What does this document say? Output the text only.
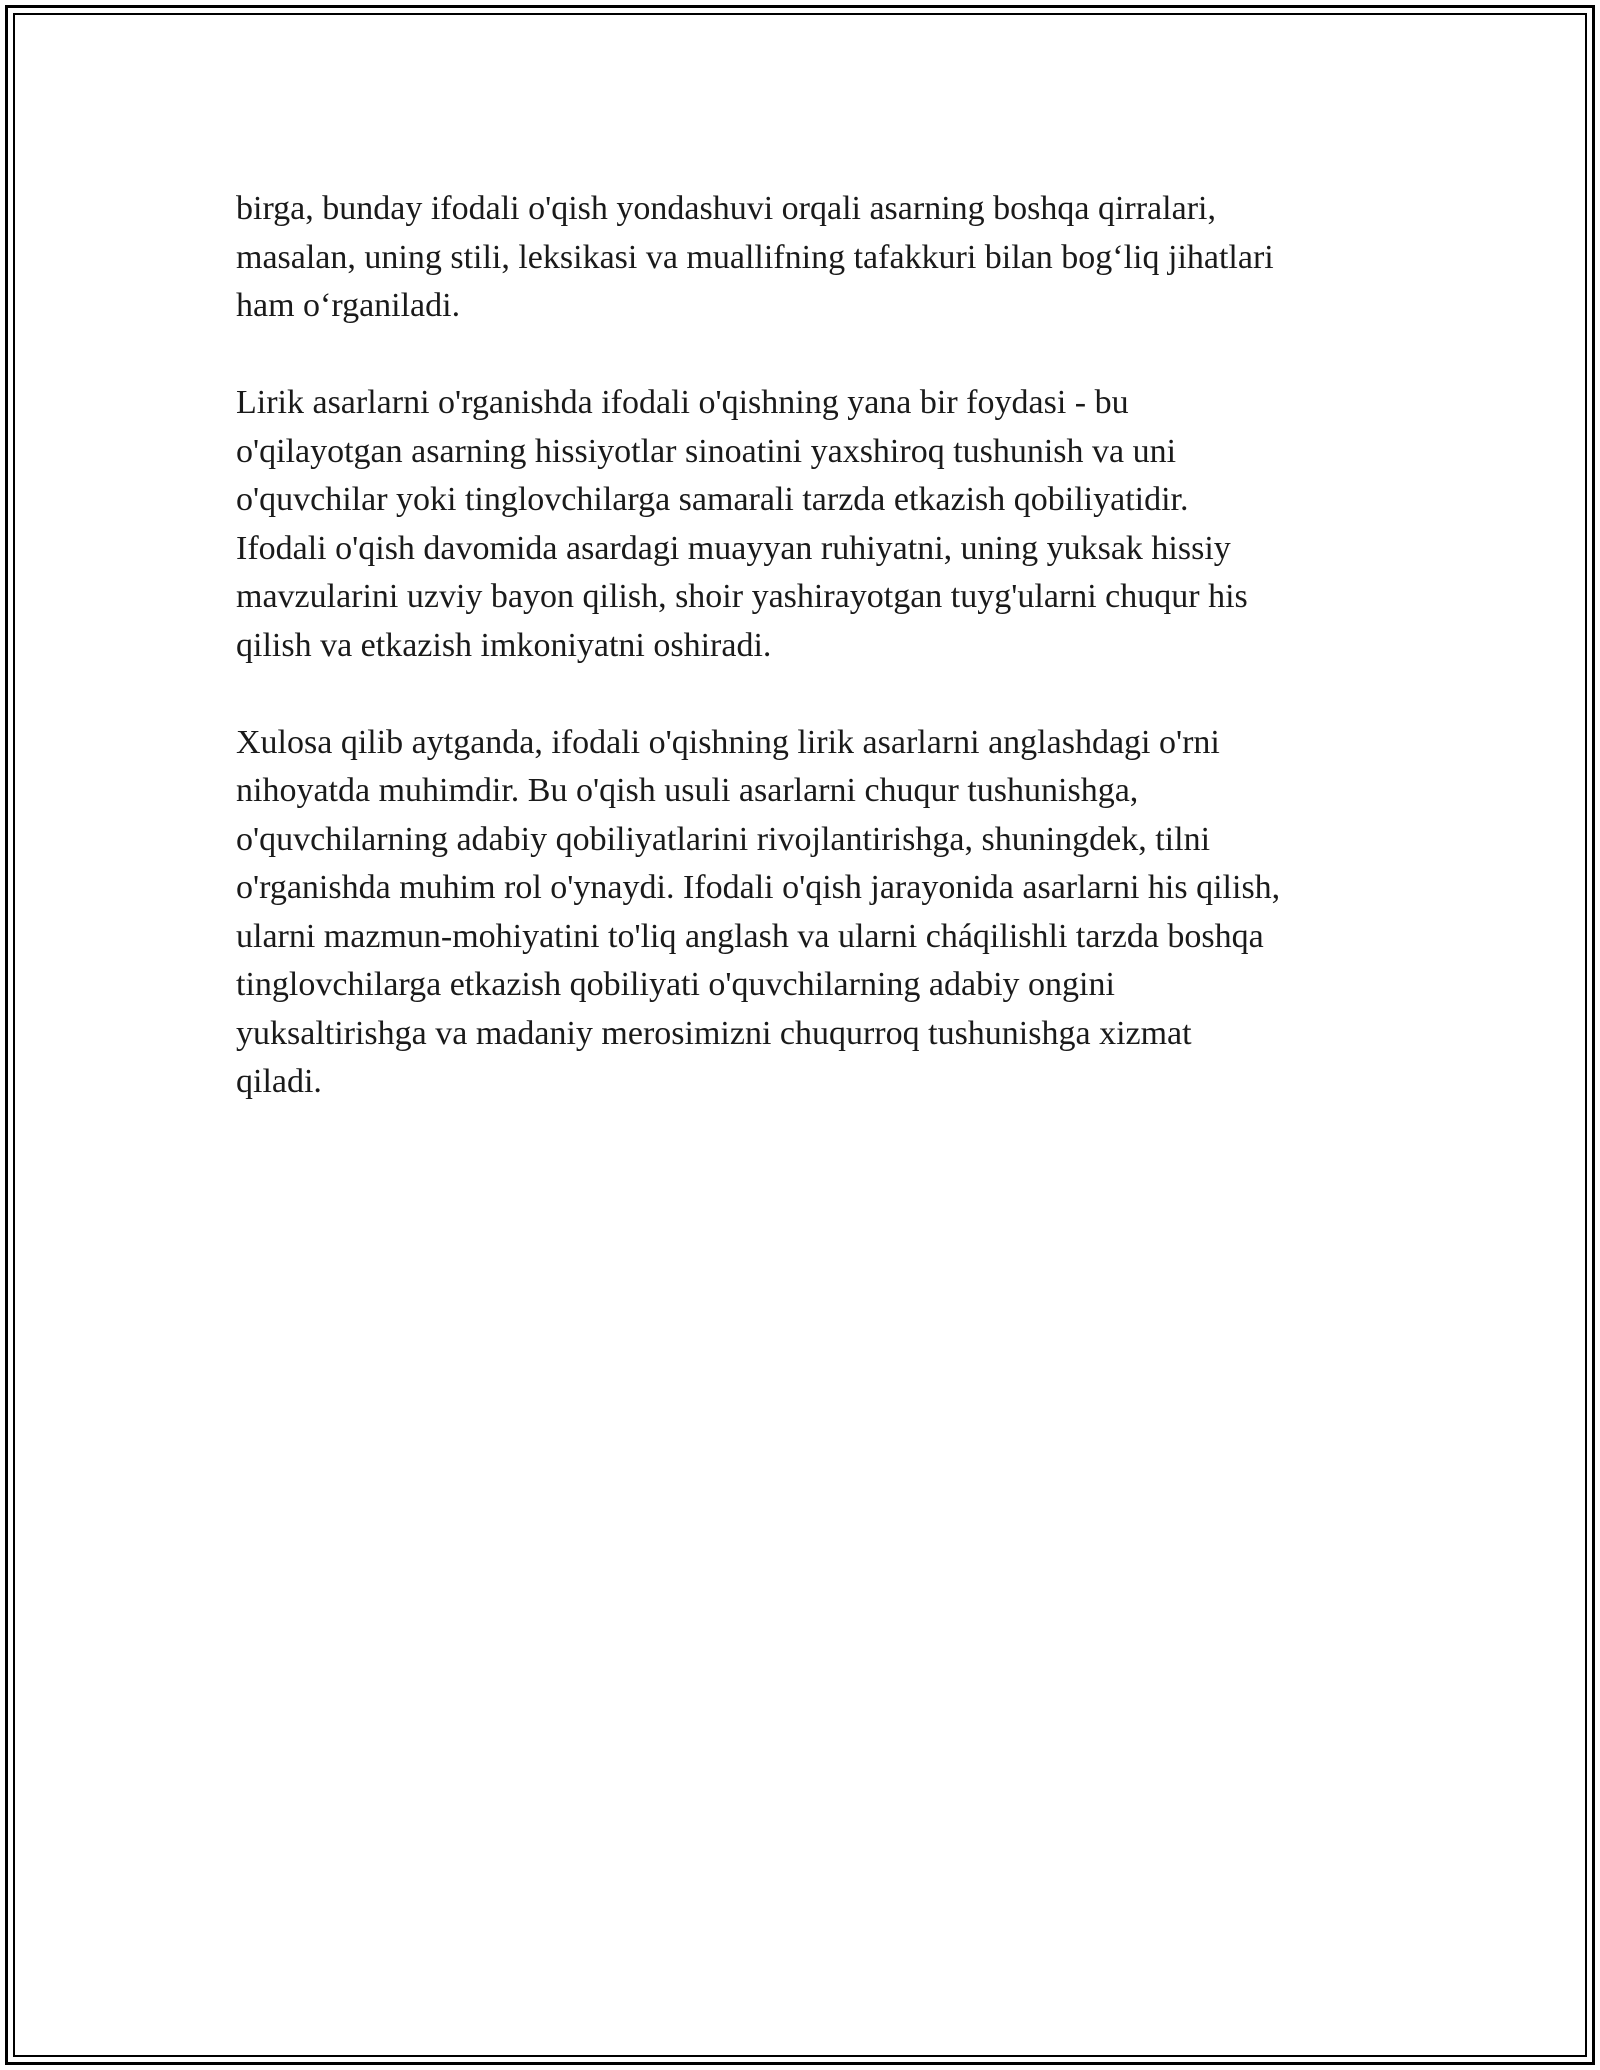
birga, bunday ifodali o'qish yondashuvi orqali asarning boshqa qirralari,
masalan, uning stili, leksikasi va muallifning tafakkuri bilan bog‘liq jihatlari
ham o‘rganiladi.

Lirik asarlarni o'rganishda ifodali o'qishning yana bir foydasi - bu
o'qilayotgan asarning hissiyotlar sinoatini yaxshiroq tushunish va uni
o'quvchilar yoki tinglovchilarga samarali tarzda etkazish qobiliyatidir.
Ifodali o'qish davomida asardagi muayyan ruhiyatni, uning yuksak hissiy
mavzularini uzviy bayon qilish, shoir yashirayotgan tuyg'ularni chuqur his
qilish va etkazish imkoniyatni oshiradi.

Xulosa qilib aytganda, ifodali o'qishning lirik asarlarni anglashdagi o'rni
nihoyatda muhimdir. Bu o'qish usuli asarlarni chuqur tushunishga,
o'quvchilarning adabiy qobiliyatlarini rivojlantirishga, shuningdek, tilni
o'rganishda muhim rol o'ynaydi. Ifodali o'qish jarayonida asarlarni his qilish,
ularni mazmun-mohiyatini to'liq anglash va ularni cháqilishli tarzda boshqa
tinglovchilarga etkazish qobiliyati o'quvchilarning adabiy ongini
yuksaltirishga va madaniy merosimizni chuqurroq tushunishga xizmat
qiladi.
